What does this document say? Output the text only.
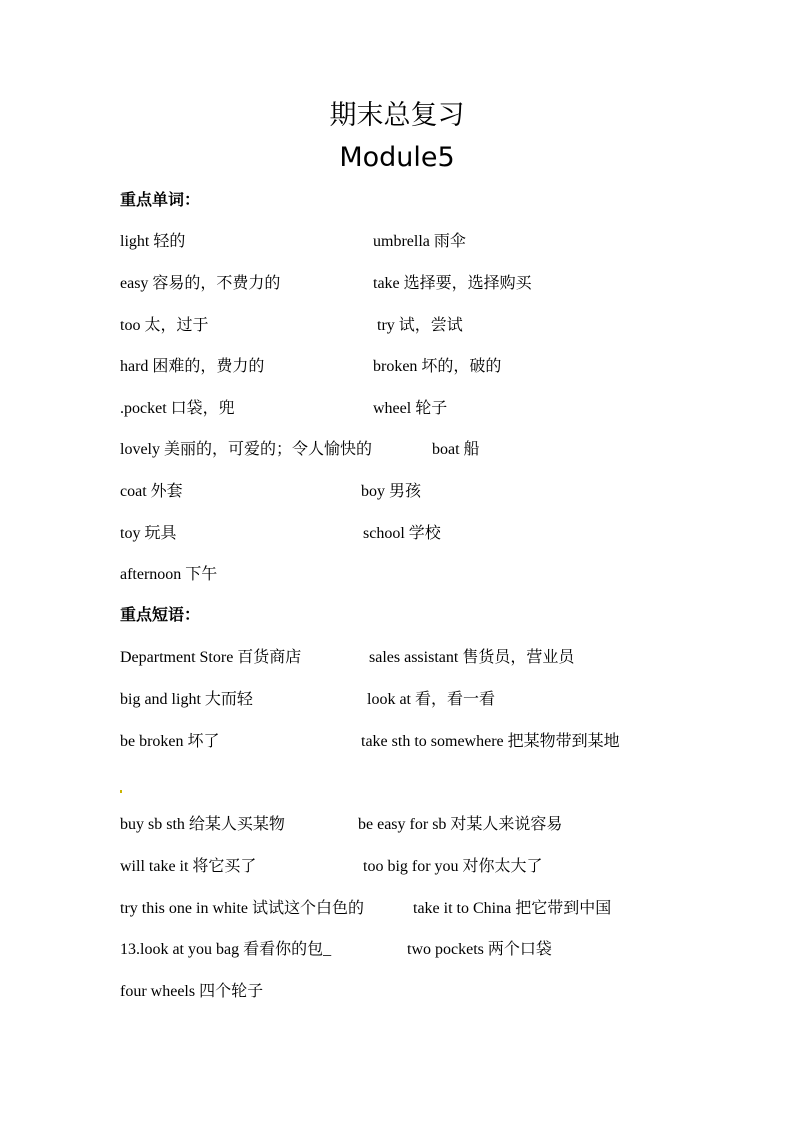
期末总复习
Module5
重点单词：
light 轻的	umbrella 雨伞
easy 容易的，不费力的	take 选择要，选择购买
too 太，过于	try 试，尝试
hard 困难的，费力的	broken 坏的，破的
.pocket 口袋，兜	wheel 轮子
lovely 美丽的，可爱的；令人愉快的	boat 船
coat 外套	boy 男孩
toy 玩具	school 学校
afternoon 下午
重点短语：
Department Store 百货商店	sales assistant 售货员，营业员
big and light 大而轻	look at 看，看一看
be broken 坏了	take sth to somewhere 把某物带到某地
buy sb sth 给某人买某物	be easy for sb 对某人来说容易
will take it 将它买了	too big for you 对你太大了
try this one in white 试试这个白色的	take it to China 把它带到中国
13.look at you bag 看看你的包_	two pockets 两个口袋
four wheels 四个轮子
